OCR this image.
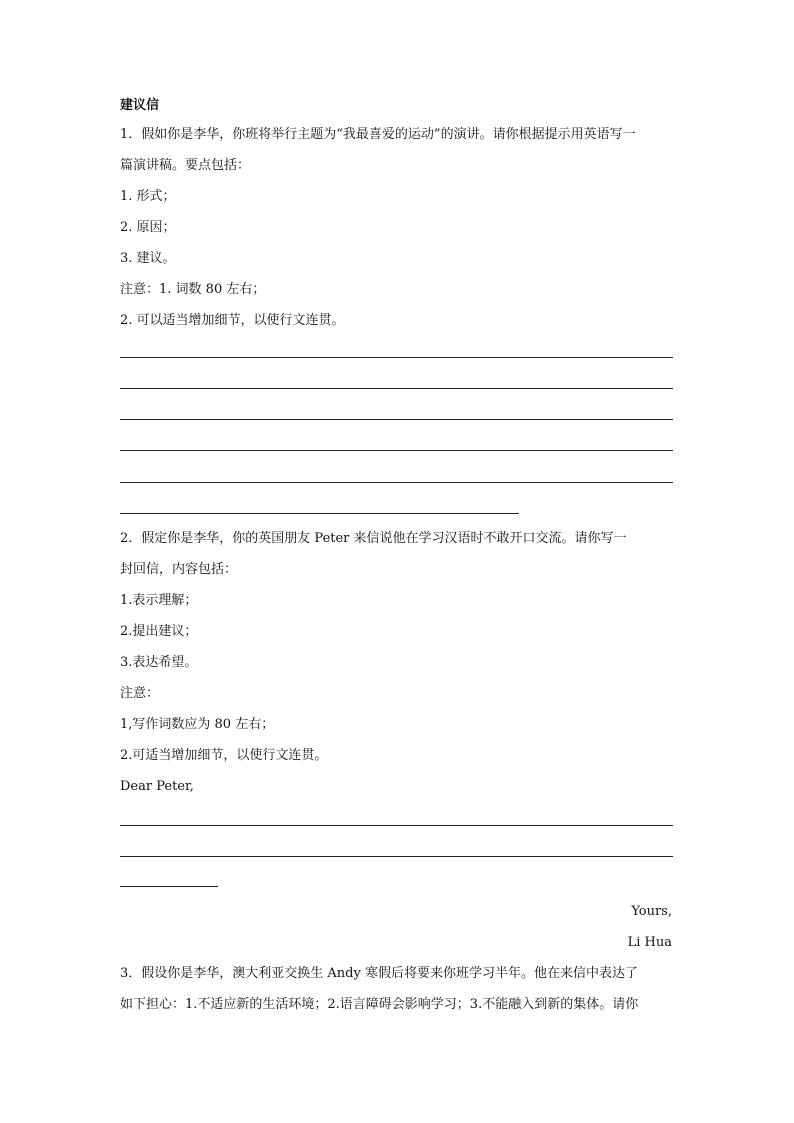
建议信
1．假如你是李华，你班将举行主题为“我最喜爱的运动”的演讲。请你根据提示用英语写一
篇演讲稿。要点包括：
1. 形式；
2. 原因；
3. 建议。
注意：1. 词数 80 左右；
2. 可以适当增加细节，以使行文连贯。
2．假定你是李华，你的英国朋友 Peter 来信说他在学习汉语时不敢开口交流。请你写一
封回信，内容包括：
1.表示理解；
2.提出建议；
3.表达希望。
注意：
1,写作词数应为 80 左右；
2.可适当增加细节，以使行文连贯。
Dear Peter,
Yours,
Li Hua
3．假设你是李华，澳大利亚交换生 Andy 寒假后将要来你班学习半年。他在来信中表达了
如下担心：1.不适应新的生活环境；2.语言障碍会影响学习；3.不能融入到新的集体。请你
